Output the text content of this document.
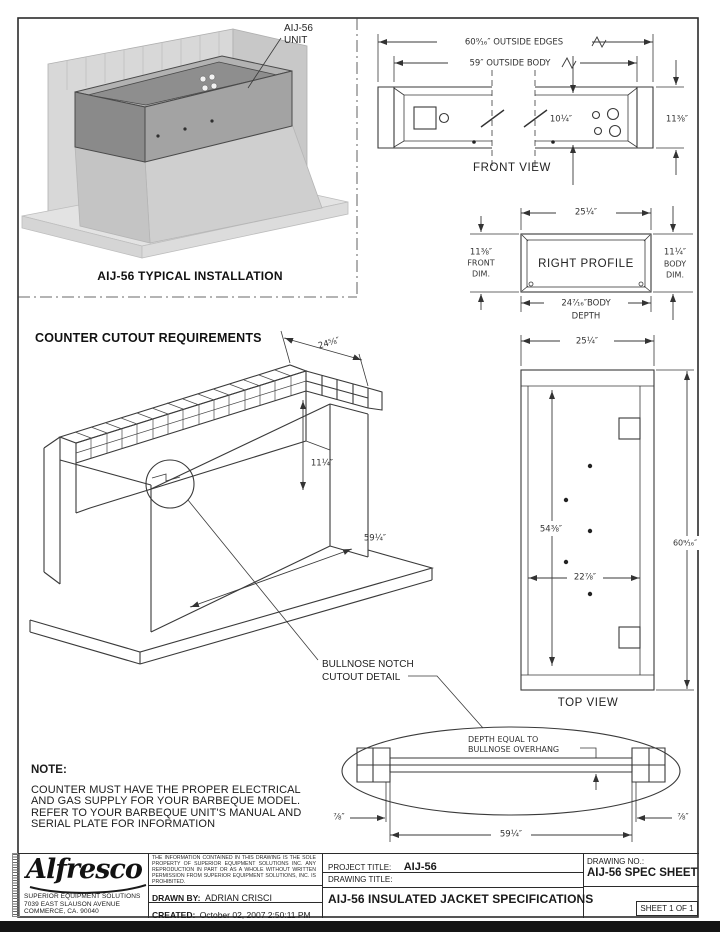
AIJ-56
UNIT
AIJ-56 TYPICAL INSTALLATION
60⁹⁄₁₆″ OUTSIDE EDGES
59″ OUTSIDE BODY
10¼″	11⅜″
FRONT VIEW
RIGHT PROFILE
25¼″
11⅜″
FRONT
DIM.
11¼″
BODY
DIM.
24⁷⁄₁₆″BODY
DEPTH
COUNTER CUTOUT REQUIREMENTS
BULLNOSE NOTCH
CUTOUT DETAIL
24⅝″
11¼″
59¼″
25¼″
54⅜″
22⅞″
60⁹⁄₁₆″
TOP VIEW
DEPTH EQUAL TO
BULLNOSE OVERHANG
⅞″	⅞″
59¼″
NOTE:
COUNTER MUST HAVE THE PROPER ELECTRICAL
AND GAS SUPPLY FOR YOUR BARBEQUE MODEL.
REFER TO YOUR BARBEQUE UNIT'S MANUAL AND
SERIAL PLATE FOR INFORMATION
Alfresco
SUPERIOR EQUIPMENT SOLUTIONS
7039 EAST SLAUSON AVENUE
COMMERCE, CA. 90040
THE INFORMATION CONTAINED IN THIS DRAWING IS THE SOLE PROPERTY OF SUPERIOR EQUIPMENT SOLUTIONS INC. ANY REPRODUCTION IN PART OR AS A WHOLE WITHOUT WRITTEN PERMISSION FROM SUPERIOR EQUIPMENT SOLUTIONS, INC. IS PROHIBITED.
DRAWN BY: ADRIAN CRISCI
CREATED: October 02, 2007 2:50:11 PM
PROJECT TITLE: AIJ-56
DRAWING TITLE:
AIJ-56 INSULATED JACKET SPECIFICATIONS
DRAWING NO.:
AIJ-56 SPEC SHEET
SHEET 1 OF 1
